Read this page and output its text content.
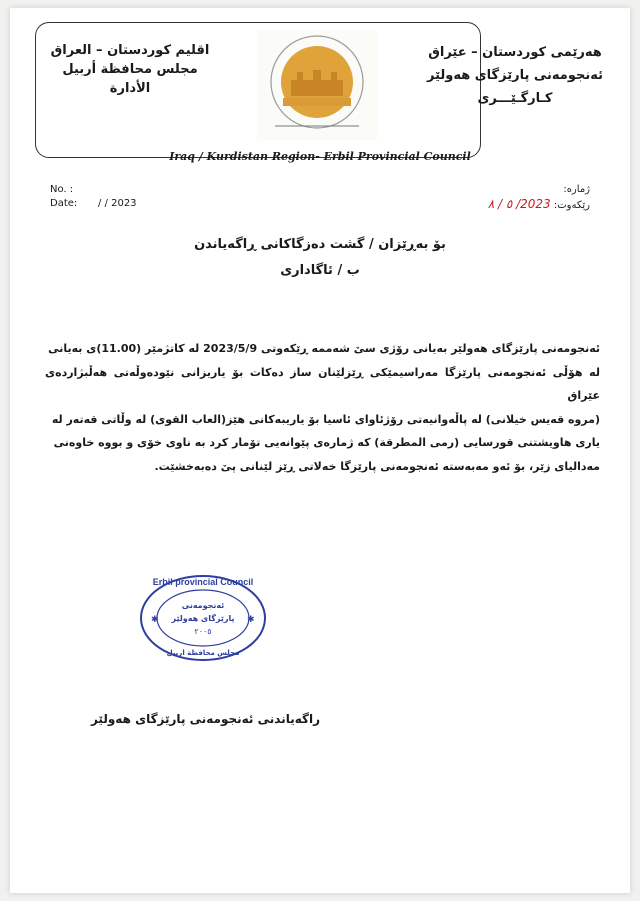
اقليم كوردستان – العراق
مجلس محافظة أربيل
الأدارة
هەرێمی کوردستان – عێراق
ئەنجومەنی پارێزگای هەولێر
کـارگـێـــری
Iraq / Kurdistan Region- Erbil Provincial Council
No. :
Date:	/ / 2023
ژمارە:
رێکەوت: 2023/ ٥ / ٨
بۆ بەڕێزان / گشت دەزگاکانی ڕاگەیاندن
ب / ئاگاداری
ئەنجومەنی پارێزگای هەولێر بەیانی رۆژی سێ شەممە ڕێکەوتی 2023/5/9 لە کاتژمێر (11.00)ی بەیانی
لە هۆڵی ئەنجومەنی پارێزگا مەراسیمێکی ڕێزلێنان ساز دەکات بۆ یاریزانی نێودەوڵەتی هەڵبژاردەی عێراق
(مروه قەیس خیلانی) لە پاڵەوانیەتی رۆژئاوای ئاسیا بۆ یاریبەکانی هێز(العاب القوى) لە وڵاتی قەتەر لە
یاری هاویشتنی قورسایی (رمی المطرقة) کە ژمارەی پێوانەیی تۆمار کرد بە ناوی خۆی و بووە خاوەنی
مەدالیای زێر، بۆ ئەو مەبەستە ئەنجومەنی پارێزگا خەلاتی ڕێز لێنانی پێ دەبەخشێت.
Erbil provincial Council
ئەنجومەنی
پارێزگای هەولێر
٢٠٠٥
مجلس محافظة اربيل
✱	✱
راگەیاندنی ئەنجومەنی پارێزگای هەولێر
